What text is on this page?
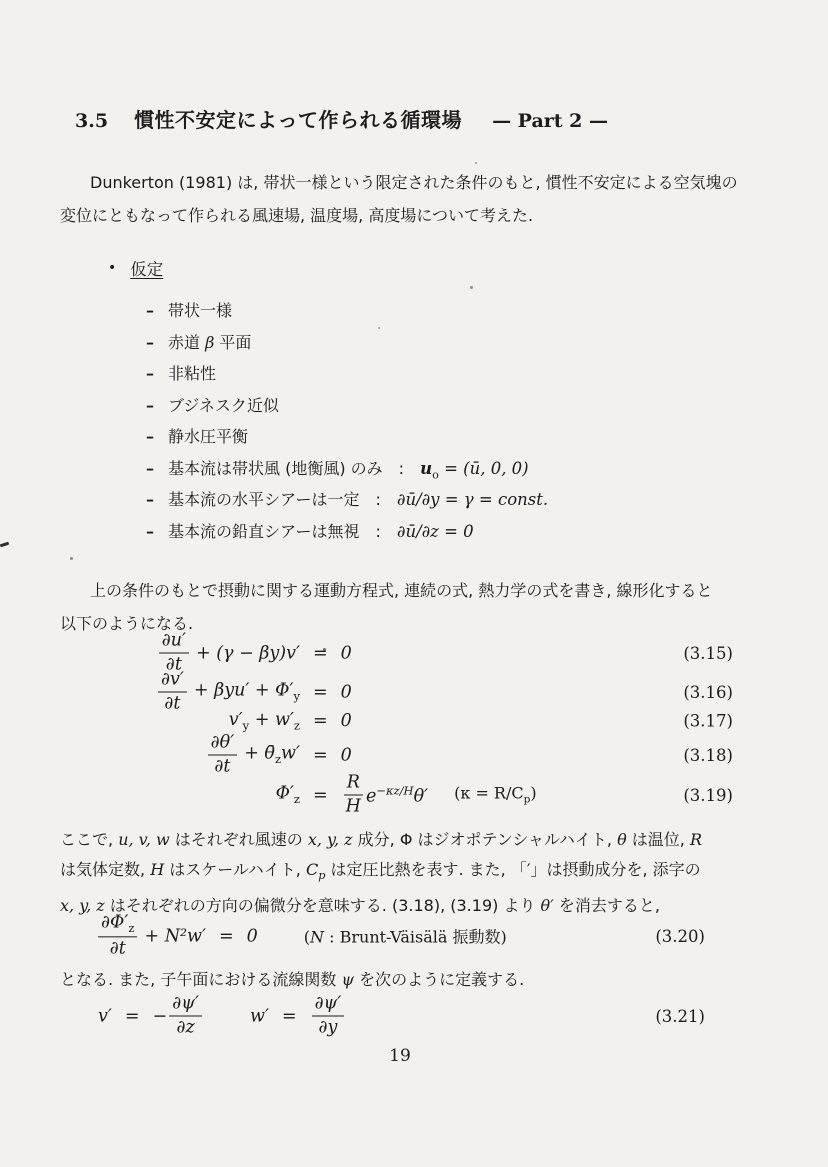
3.5 慣性不安定によって作られる循環場 — Part 2 —
Dunkerton (1981) は, 帯状一様という限定された条件のもと, 慣性不安定による空気塊の
変位にともなって作られる風速場, 温度場, 高度場について考えた.
• 仮定
– 帯状一様
– 赤道 β 平面
– 非粘性
– ブジネスク近似
– 静水圧平衡
– 基本流は帯状風 (地衡風) のみ : $u_o$ = (ū, 0, 0)
– 基本流の水平シアーは一定 : ∂ū/∂y = γ = const.
– 基本流の鉛直シアーは無視 : ∂ū/∂z = 0
上の条件のもとで摂動に関する運動方程式, 連続の式, 熱力学の式を書き, 線形化すると
以下のようになる.
$\frac{\partial u'}{\partial t} + (\gamma - \beta y)v' = 0$	(3.15)
$\frac{\partial v'}{\partial t} + \beta yu' + \Phi'_y = 0$	(3.16)
$v'_y + w'_z = 0$	(3.17)
$\frac{\partial\theta'}{\partial t}$ + $\thetā_zw' = 0$	(3.18)
$\Phi'_z = \frac{R}{H} e^{-\kappa z/H}\theta'$ $(\kappa = R/C_p)$	(3.19)
ここで, u, v, w はそれぞれ風速の x, y, z 成分, Φ はジオポテンシャルハイト, θ は温位, R
は気体定数, H はスケールハイト, $C_p$ は定圧比熱を表す. また, 「′」は摂動成分を, 添字の
x, y, z はそれぞれの方向の偏微分を意味する. (3.18), (3.19) より θ′ を消去すると,
$\frac{\partial\Phi'_z}{\partial t} + N^2w' = 0$	(N : Brunt-Väisälä 振動数)	(3.20)
となる. また, 子午面における流線関数 ψ を次のように定義する.
v′ = − $\frac{\partial\psi'}{\partial z}$	$w' = \frac{\partial\psi'}{\partial y}$	(3.21)
19
